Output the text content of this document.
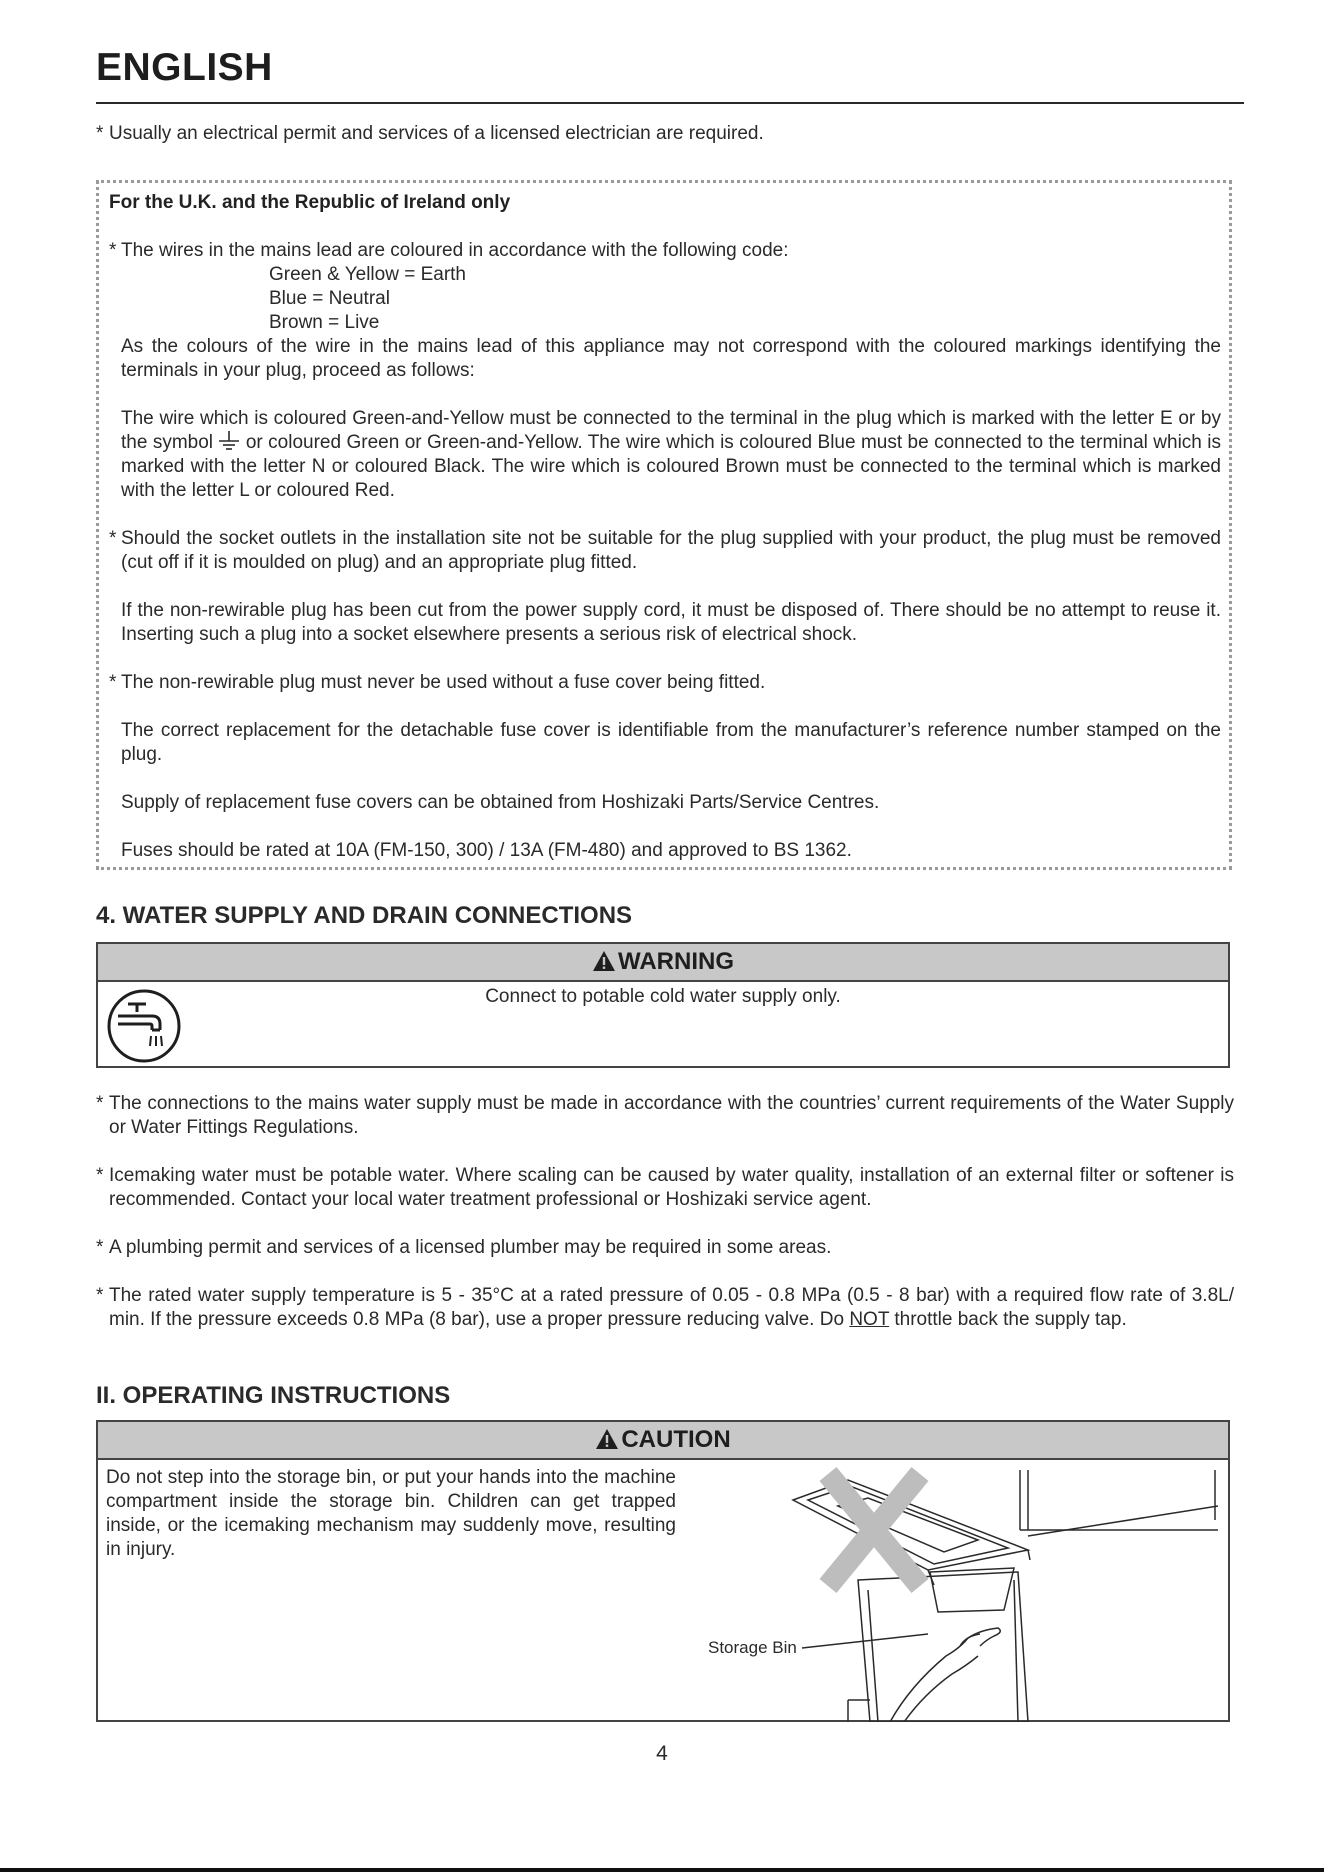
ENGLISH
* Usually an electrical permit and services of a licensed electrician are required.

For the U.K. and the Republic of Ireland only

* The wires in the mains lead are coloured in accordance with the following code:

Green & Yellow = Earth
Blue = Neutral
Brown = Live

As the colours of the wire in the mains lead of this appliance may not correspond with the coloured markings identifying the terminals in your plug, proceed as follows:

The wire which is coloured Green-and-Yellow must be connected to the terminal in the plug which is marked with the letter E or by the symbol or coloured Green or Green-and-Yellow. The wire which is coloured Blue must be connected to the terminal which is marked with the letter N or coloured Black. The wire which is coloured Brown must be connected to the terminal which is marked with the letter L or coloured Red.

* Should the socket outlets in the installation site not be suitable for the plug supplied with your product, the plug must be removed (cut off if it is moulded on plug) and an appropriate plug fitted.

If the non-rewirable plug has been cut from the power supply cord, it must be disposed of. There should be no attempt to reuse it. Inserting such a plug into a socket elsewhere presents a serious risk of electrical shock.

* The non-rewirable plug must never be used without a fuse cover being fitted.

The correct replacement for the detachable fuse cover is identifiable from the manufacturer’s reference number stamped on the plug.

Supply of replacement fuse covers can be obtained from Hoshizaki Parts/Service Centres.

Fuses should be rated at 10A (FM-150, 300) / 13A (FM-480) and approved to BS 1362.

4. WATER SUPPLY AND DRAIN CONNECTIONS
WARNING
Connect to potable cold water supply only.
* The connections to the mains water supply must be made in accordance with the countries’ current requirements of the Water Supply or Water Fittings Regulations.
* Icemaking water must be potable water. Where scaling can be caused by water quality, installation of an external filter or softener is recommended. Contact your local water treatment professional or Hoshizaki service agent.
* A plumbing permit and services of a licensed plumber may be required in some areas.
* The rated water supply temperature is 5 - 35°C at a rated pressure of 0.05 - 0.8 MPa (0.5 - 8 bar) with a required flow rate of 3.8L/ min. If the pressure exceeds 0.8 MPa (8 bar), use a proper pressure reducing valve. Do NOT throttle back the supply tap.
II. OPERATING INSTRUCTIONS
CAUTION
Do not step into the storage bin, or put your hands into the machine compartment inside the storage bin. Children can get trapped inside, or the icemaking mechanism may suddenly move, resulting in injury.
Storage Bin
4
